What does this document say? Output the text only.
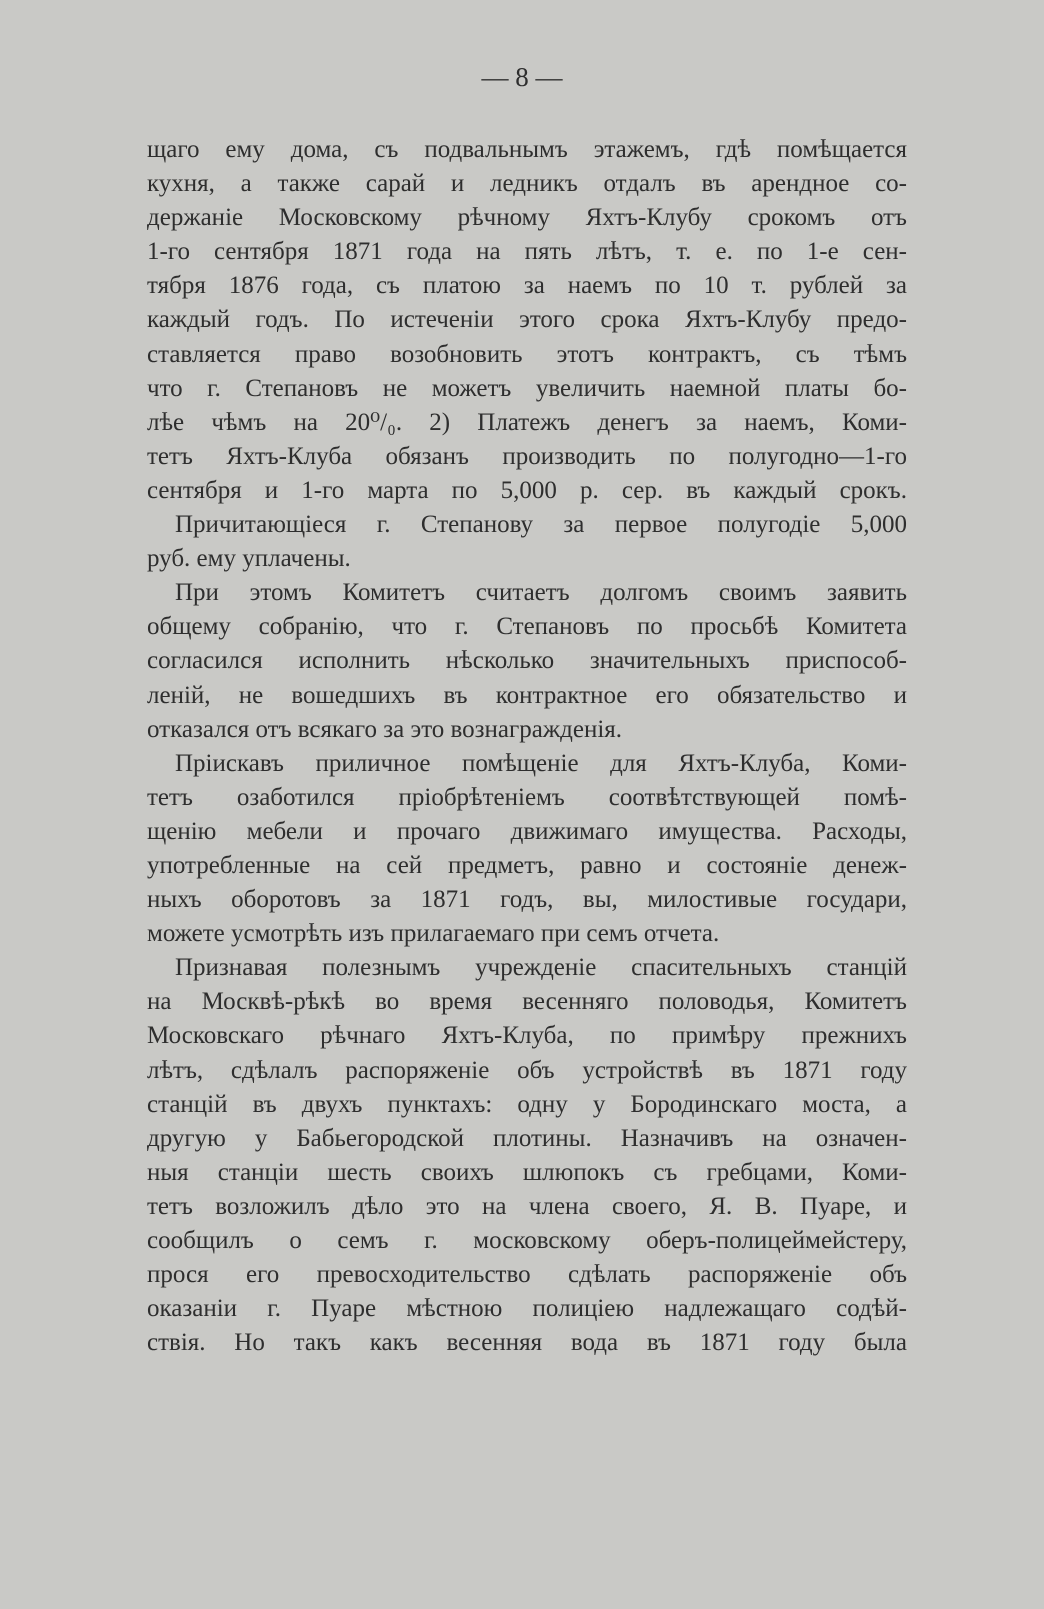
— 8 —
щаго ему дома, съ подвальнымъ этажемъ, гдѣ помѣщается
кухня, а также сарай и ледникъ отдалъ въ арендное со-
держаніе Московскому рѣчному Яхтъ-Клубу срокомъ отъ
1-го сентября 1871 года на пять лѣтъ, т. е. по 1-е сен-
тября 1876 года, съ платою за наемъ по 10 т. рублей за
каждый годъ. По истеченіи этого срока Яхтъ-Клубу предо-
ставляется право возобновить этотъ контрактъ, съ тѣмъ
что г. Степановъ не можетъ увеличить наемной платы бо-
лѣе чѣмъ на 20⁰/₀. 2) Платежъ денегъ за наемъ, Коми-
тетъ Яхтъ-Клуба обязанъ производить по полугодно—1-го
сентября и 1-го марта по 5,000 р. сер. въ каждый срокъ.
Причитающіеся г. Степанову за первое полугодіе 5,000
руб. ему уплачены.
При этомъ Комитетъ считаетъ долгомъ своимъ заявить
общему собранію, что г. Степановъ по просьбѣ Комитета
согласился исполнить нѣсколько значительныхъ приспособ-
леній, не вошедшихъ въ контрактное его обязательство и
отказался отъ всякаго за это вознагражденія.
Пріискавъ приличное помѣщеніе для Яхтъ-Клуба, Коми-
тетъ озаботился пріобрѣтеніемъ соотвѣтствующей помѣ-
щенію мебели и прочаго движимаго имущества. Расходы,
употребленные на сей предметъ, равно и состояніе денеж-
ныхъ оборотовъ за 1871 годъ, вы, милостивые государи,
можете усмотрѣть изъ прилагаемаго при семъ отчета.
Признавая полезнымъ учрежденіе спасительныхъ станцій
на Москвѣ-рѣкѣ во время весенняго половодья, Комитетъ
Московскаго рѣчнаго Яхтъ-Клуба, по примѣру прежнихъ
лѣтъ, сдѣлалъ распоряженіе объ устройствѣ въ 1871 году
станцій въ двухъ пунктахъ: одну у Бородинскаго моста, а
другую у Бабьегородской плотины. Назначивъ на означен-
ныя станціи шесть своихъ шлюпокъ съ гребцами, Коми-
тетъ возложилъ дѣло это на члена своего, Я. В. Пуаре, и
сообщилъ о семъ г. московскому оберъ-полицеймейстеру,
прося его превосходительство сдѣлать распоряженіе объ
оказаніи г. Пуаре мѣстною полиціею надлежащаго содѣй-
ствія. Но такъ какъ весенняя вода въ 1871 году была
